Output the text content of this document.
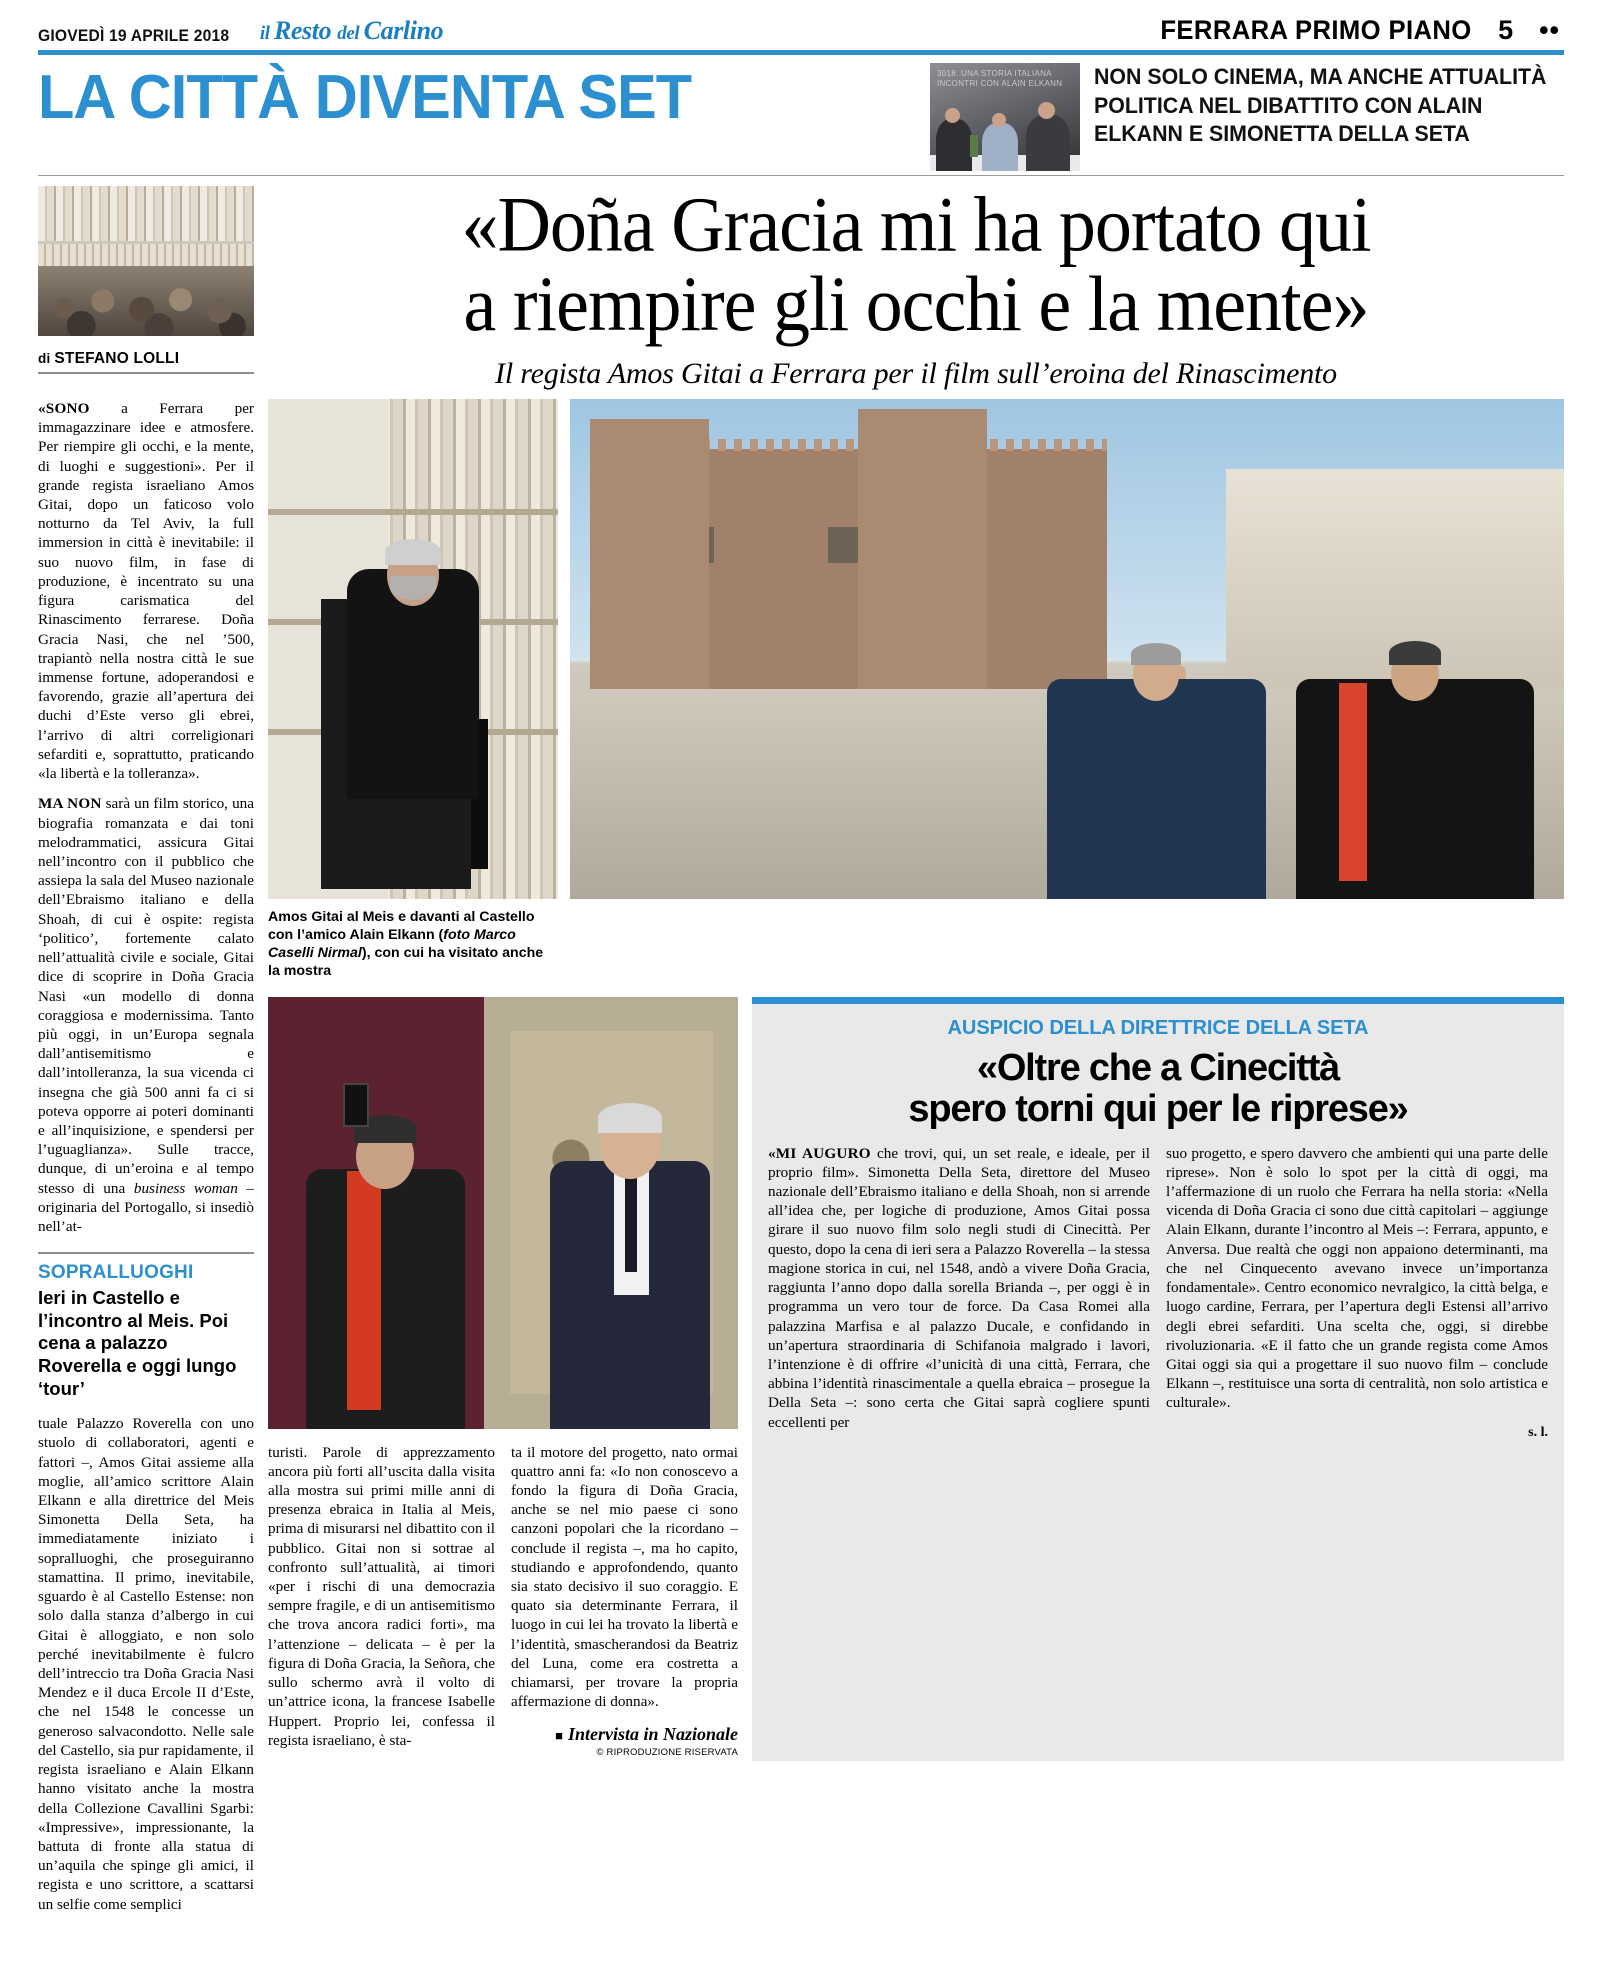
GIOVEDÌ 19 APRILE 2018 il Resto del Carlino	FERRARA PRIMO PIANO 5 ••
LA CITTÀ DIVENTA SET	3018. UNA STORIA ITALIANA INCONTRI CON ALAIN ELKANN	NON SOLO CINEMA, MA ANCHE ATTUALITÀ POLITICA NEL DIBATTITO CON ALAIN ELKANN E SIMONETTA DELLA SETA
di STEFANO LOLLI
«Doña Gracia mi ha portato qui
a riempire gli occhi e la mente»
Il regista Amos Gitai a Ferrara per il film sull’eroina del Rinascimento

«SONO a Ferrara per immagazzinare idee e atmosfere. Per riempire gli occhi, e la mente, di luoghi e suggestioni». Per il grande regista israeliano Amos Gitai, dopo un faticoso volo notturno da Tel Aviv, la full immersion in città è inevitabile: il suo nuovo film, in fase di produzione, è incentrato su una figura carismatica del Rinascimento ferrarese. Doña Gracia Nasi, che nel ’500, trapiantò nella nostra città le sue immense fortune, adoperandosi e favorendo, grazie all’apertura dei duchi d’Este verso gli ebrei, l’arrivo di altri correligionari sefarditi e, soprattutto, praticando «la libertà e la tolleranza».

MA NON sarà un film storico, una biografia romanzata e dai toni melodrammatici, assicura Gitai nell’incontro con il pubblico che assiepa la sala del Museo nazionale dell’Ebraismo italiano e della Shoah, di cui è ospite: regista ‘politico’, fortemente calato nell’attualità civile e sociale, Gitai dice di scoprire in Doña Gracia Nasi «un modello di donna coraggiosa e modernissima. Tanto più oggi, in un’Europa segnala dall’antisemitismo e dall’intolleranza, la sua vicenda ci insegna che già 500 anni fa ci si poteva opporre ai poteri dominanti e all’inquisizione, e spendersi per l’uguaglianza». Sulle tracce, dunque, di un’eroina e al tempo stesso di una business woman – originaria del Portogallo, si insediò nell’at-

SOPRALLUOGHI
Ieri in Castello e l’incontro al Meis. Poi cena a palazzo Roverella e oggi lungo ‘tour’

tuale Palazzo Roverella con uno stuolo di collaboratori, agenti e fattori –, Amos Gitai assieme alla moglie, all’amico scrittore Alain Elkann e alla direttrice del Meis Simonetta Della Seta, ha immediatamente iniziato i sopralluoghi, che proseguiranno stamattina. Il primo, inevitabile, sguardo è al Castello Estense: non solo dalla stanza d’albergo in cui Gitai è alloggiato, e non solo perché inevitabilmente è fulcro dell’intreccio tra Doña Gracia Nasi Mendez e il duca Ercole II d’Este, che nel 1548 le concesse un generoso salvacondotto. Nelle sale del Castello, sia pur rapidamente, il regista israeliano e Alain Elkann hanno visitato anche la mostra della Collezione Cavallini Sgarbi: «Impressive», impressionante, la battuta di fronte alla statua di un’aquila che spinge gli amici, il regista e uno scrittore, a scattarsi un selfie come semplici

Amos Gitai al Meis e davanti al Castello con l’amico Alain Elkann (foto Marco Caselli Nirmal), con cui ha visitato anche la mostra

turisti. Parole di apprezzamento ancora più forti all’uscita dalla visita alla mostra sui primi mille anni di presenza ebraica in Italia al Meis, prima di misurarsi nel dibattito con il pubblico. Gitai non si sottrae al confronto sull’attualità, ai timori «per i rischi di una democrazia sempre fragile, e di un antisemitismo che trova ancora radici forti», ma l’attenzione – delicata – è per la figura di Doña Gracia, la Señora, che sullo schermo avrà il volto di un’attrice icona, la francese Isabelle Huppert. Proprio lei, confessa il regista israeliano, è sta-

ta il motore del progetto, nato ormai quattro anni fa: «Io non conoscevo a fondo la figura di Doña Gracia, anche se nel mio paese ci sono canzoni popolari che la ricordano – conclude il regista –, ma ho capito, studiando e approfondendo, quanto sia stato decisivo il suo coraggio. E quato sia determinante Ferrara, il luogo in cui lei ha trovato la libertà e l’identità, smascherandosi da Beatriz del Luna, come era costretta a chiamarsi, per trovare la propria affermazione di donna».

■ Intervista in Nazionale
© RIPRODUZIONE RISERVATA
AUSPICIO DELLA DIRETTRICE DELLA SETA
«Oltre che a Cinecittà
spero torni qui per le riprese»

«MI AUGURO che trovi, qui, un set reale, e ideale, per il proprio film». Simonetta Della Seta, direttore del Museo nazionale dell’Ebraismo italiano e della Shoah, non si arrende all’idea che, per logiche di produzione, Amos Gitai possa girare il suo nuovo film solo negli studi di Cinecittà. Per questo, dopo la cena di ieri sera a Palazzo Roverella – la stessa magione storica in cui, nel 1548, andò a vivere Doña Gracia, raggiunta l’anno dopo dalla sorella Brianda –, per oggi è in programma un vero tour de force. Da Casa Romei alla palazzina Marfisa e al palazzo Ducale, e confidando in un’apertura straordinaria di Schifanoia malgrado i lavori, l’intenzione è di offrire «l’unicità di una città, Ferrara, che abbina l’identità rinascimentale a quella ebraica – prosegue la Della Seta –: sono certa che Gitai saprà cogliere spunti eccellenti per

suo progetto, e spero davvero che ambienti qui una parte delle riprese». Non è solo lo spot per la città di oggi, ma l’affermazione di un ruolo che Ferrara ha nella storia: «Nella vicenda di Doña Gracia ci sono due città capitolari – aggiunge Alain Elkann, durante l’incontro al Meis –: Ferrara, appunto, e Anversa. Due realtà che oggi non appaiono determinanti, ma che nel Cinquecento avevano invece un’importanza fondamentale». Centro economico nevralgico, la città belga, e luogo cardine, Ferrara, per l’apertura degli Estensi all’arrivo degli ebrei sefarditi. Una scelta che, oggi, si direbbe rivoluzionaria. «E il fatto che un grande regista come Amos Gitai oggi sia qui a progettare il suo nuovo film – conclude Elkann –, restituisce una sorta di centralità, non solo artistica e culturale».

s. l.
